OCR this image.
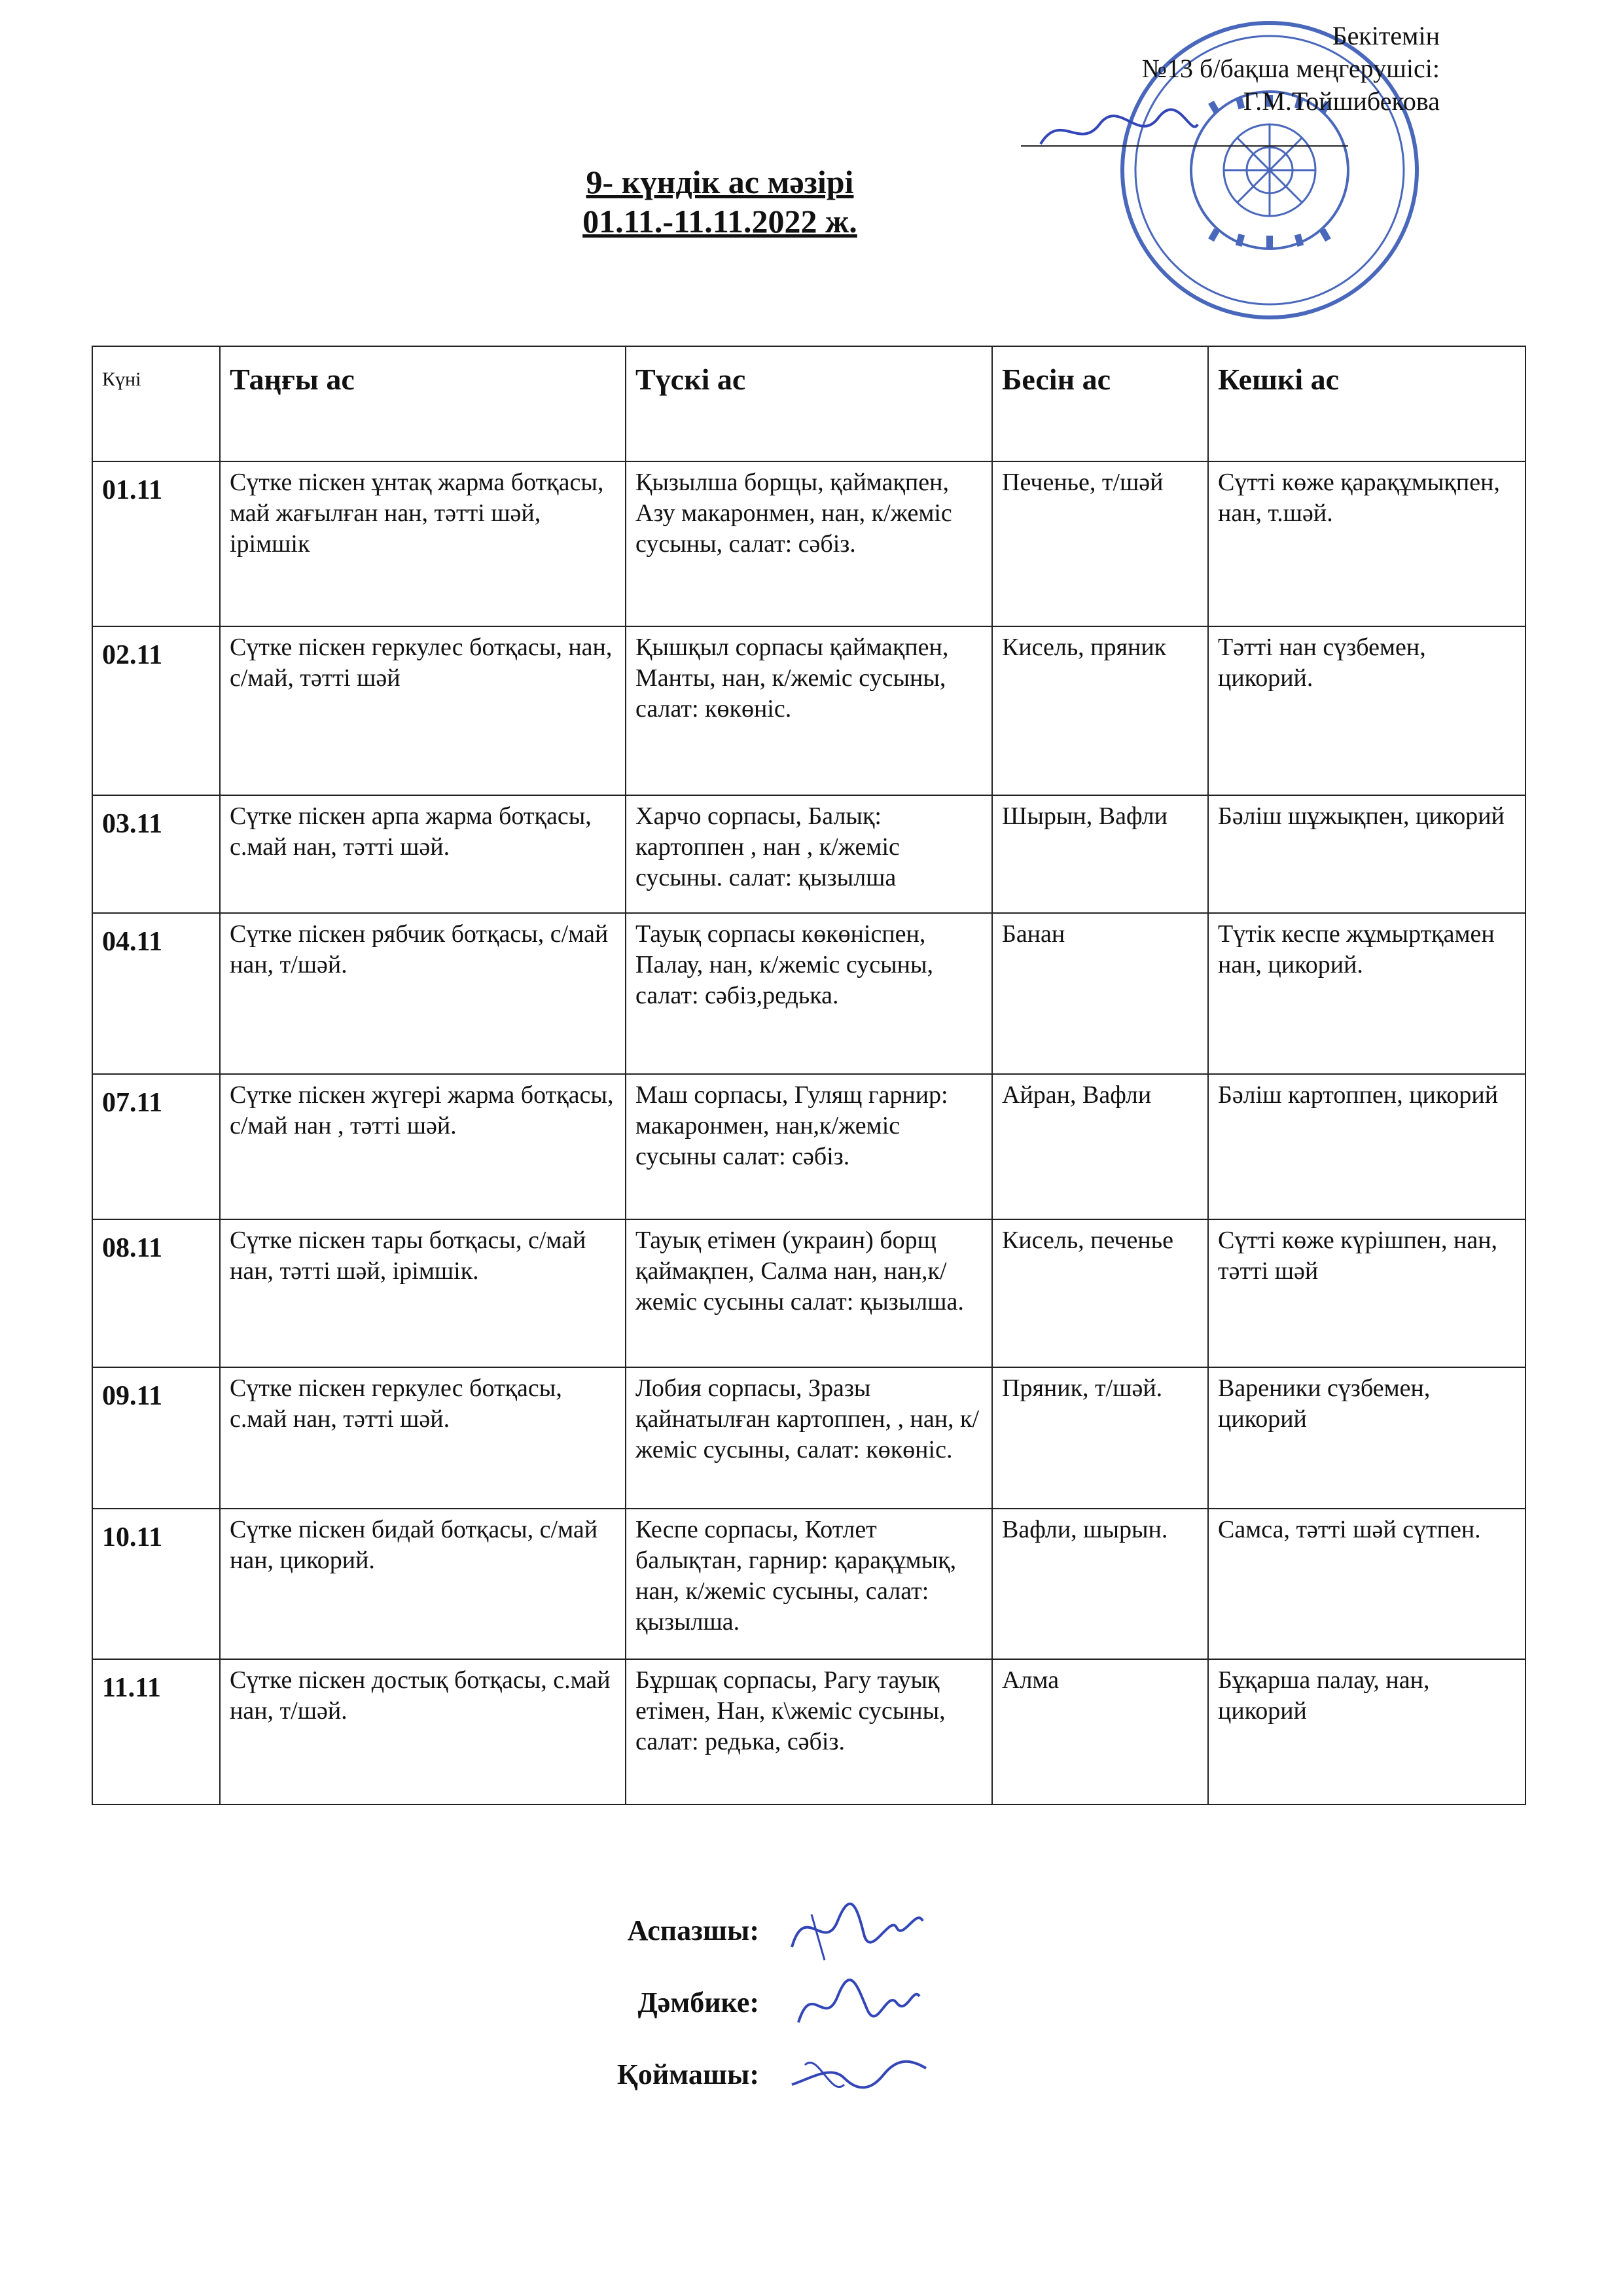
Бекітемін
№13 б/бақша меңгерушісі:
Г.М.Тойшибекова
9- күндік ас мәзірі
01.11.-11.11.2022 ж.
Күні	Таңғы ас	Түскі ас	Бесін ас	Кешкі ас
01.11	Сүтке піскен ұнтақ жарма ботқасы, май жағылған нан, тәтті шәй, ірімшік	Қызылша борщы, қаймақпен, Азу макаронмен, нан, к/жеміс сусыны, салат: сәбіз.	Печенье, т/шәй	Сүтті көже қарақұмықпен, нан, т.шәй.
02.11	Сүтке піскен геркулес ботқасы, нан, с/май, тәтті шәй	Қышқыл сорпасы қаймақпен, Манты, нан, к/жеміс сусыны, салат: көкөніс.	Кисель, пряник	Тәтті нан сүзбемен, цикорий.
03.11	Сүтке піскен арпа жарма ботқасы, с.май нан, тәтті шәй.	Харчо сорпасы, Балық: картоппен , нан , к/жеміс сусыны. салат: қызылша	Шырын, Вафли	Бәліш шұжықпен, цикорий
04.11	Сүтке піскен рябчик ботқасы, с/май нан, т/шәй.	Тауық сорпасы көкөніспен, Палау, нан, к/жеміс сусыны, салат: сәбіз,редька.	Банан	Түтік кеспе жұмыртқамен нан, цикорий.
07.11	Сүтке піскен жүгері жарма ботқасы, с/май нан , тәтті шәй.	Маш сорпасы, Гулящ гарнир: макаронмен, нан,к/жеміс сусыны салат: сәбіз.	Айран, Вафли	Бәліш картоппен, цикорий
08.11	Сүтке піскен тары ботқасы, с/май нан, тәтті шәй, ірімшік.	Тауық етімен (украин) борщ қаймақпен, Салма нан, нан,к/жеміс сусыны салат: қызылша.	Кисель, печенье	Сүтті көже күрішпен, нан, тәтті шәй
09.11	Сүтке піскен геркулес ботқасы, с.май нан, тәтті шәй.	Лобия сорпасы, Зразы қайнатылған картоппен, , нан, к/жеміс сусыны, салат: көкөніс.	Пряник, т/шәй.	Вареники сүзбемен, цикорий
10.11	Сүтке піскен бидай ботқасы, с/май нан, цикорий.	Кеспе сорпасы, Котлет балықтан, гарнир: қарақұмық, нан, к/жеміс сусыны, салат: қызылша.	Вафли, шырын.	Самса, тәтті шәй сүтпен.
11.11	Сүтке піскен достық ботқасы, с.май нан, т/шәй.	Бұршақ сорпасы, Рагу тауық етімен, Нан, к\жеміс сусыны, салат: редька, сәбіз.	Алма	Бұқарша палау, нан, цикорий
Аспазшы:
Дәмбике:
Қоймашы:
